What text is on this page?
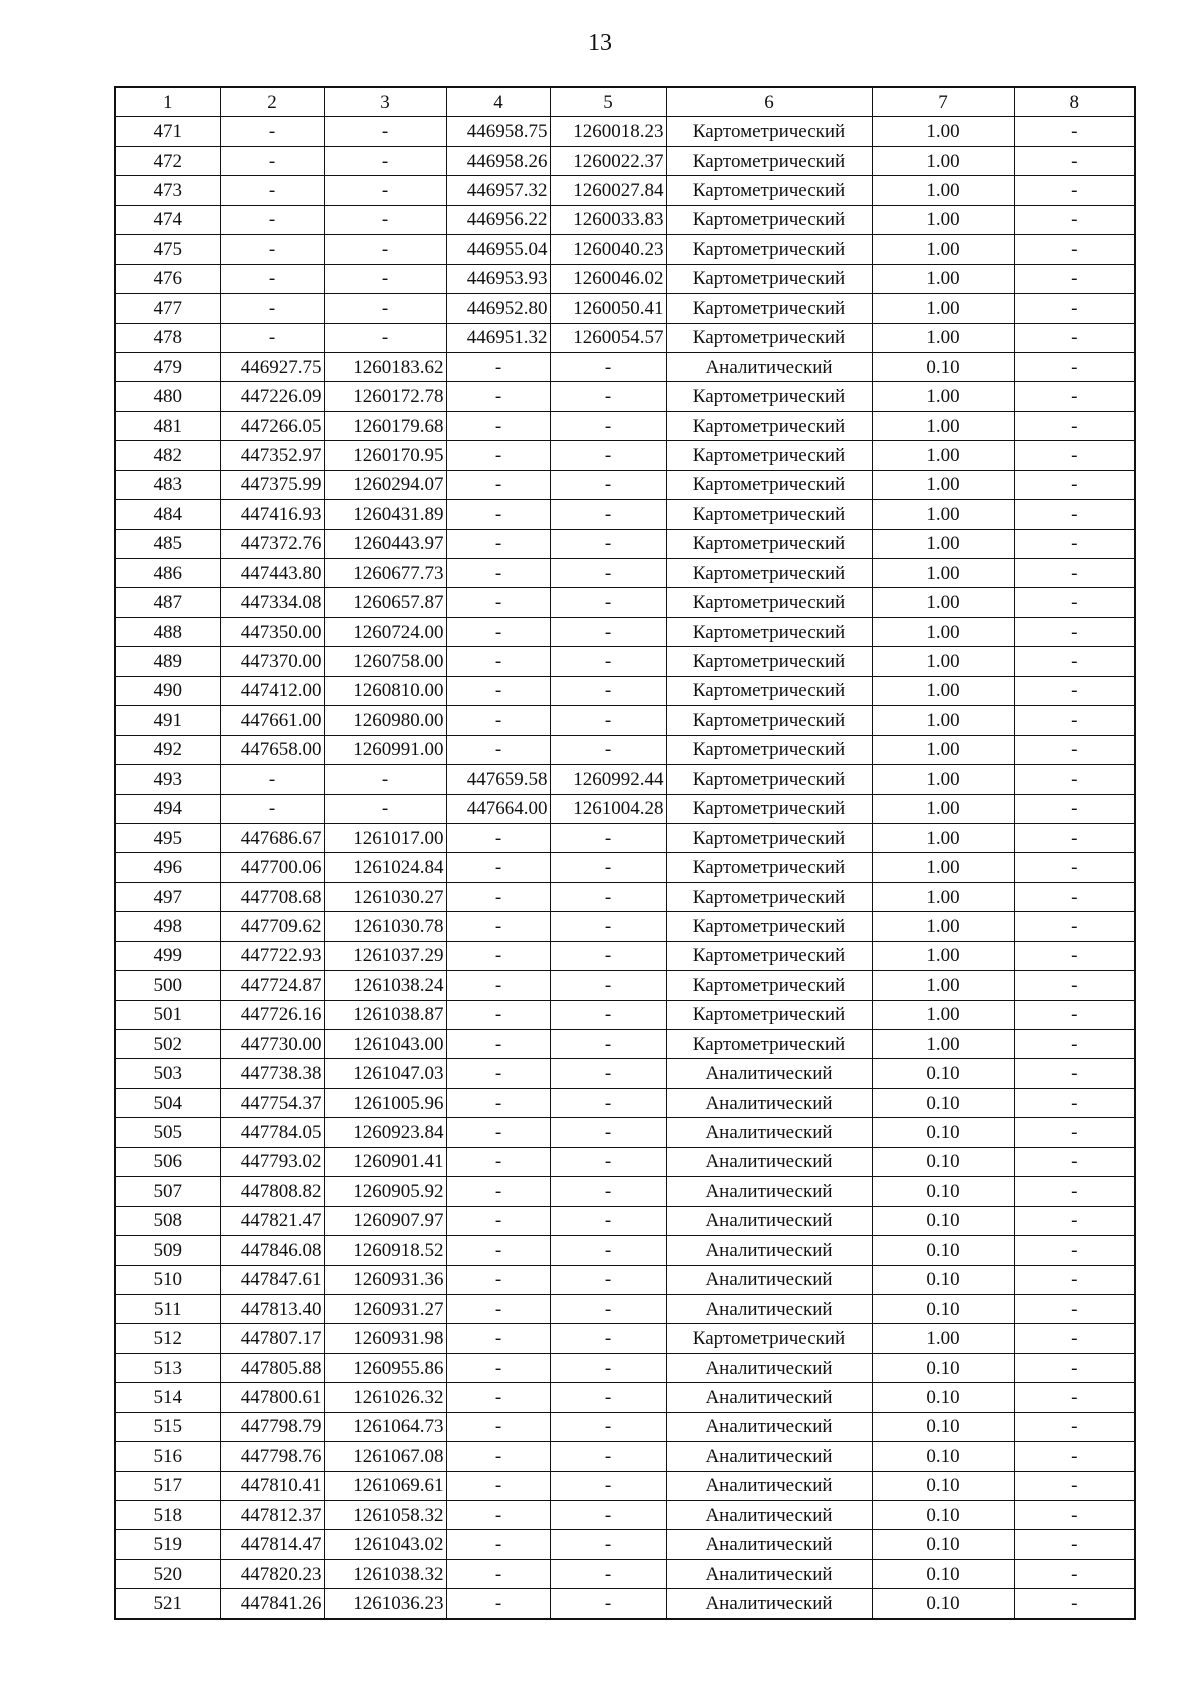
13
1	2	3	4	5	6	7	8
471	-	-	446958.75	1260018.23	Картометрический	1.00	-
472	-	-	446958.26	1260022.37	Картометрический	1.00	-
473	-	-	446957.32	1260027.84	Картометрический	1.00	-
474	-	-	446956.22	1260033.83	Картометрический	1.00	-
475	-	-	446955.04	1260040.23	Картометрический	1.00	-
476	-	-	446953.93	1260046.02	Картометрический	1.00	-
477	-	-	446952.80	1260050.41	Картометрический	1.00	-
478	-	-	446951.32	1260054.57	Картометрический	1.00	-
479	446927.75	1260183.62	-	-	Аналитический	0.10	-
480	447226.09	1260172.78	-	-	Картометрический	1.00	-
481	447266.05	1260179.68	-	-	Картометрический	1.00	-
482	447352.97	1260170.95	-	-	Картометрический	1.00	-
483	447375.99	1260294.07	-	-	Картометрический	1.00	-
484	447416.93	1260431.89	-	-	Картометрический	1.00	-
485	447372.76	1260443.97	-	-	Картометрический	1.00	-
486	447443.80	1260677.73	-	-	Картометрический	1.00	-
487	447334.08	1260657.87	-	-	Картометрический	1.00	-
488	447350.00	1260724.00	-	-	Картометрический	1.00	-
489	447370.00	1260758.00	-	-	Картометрический	1.00	-
490	447412.00	1260810.00	-	-	Картометрический	1.00	-
491	447661.00	1260980.00	-	-	Картометрический	1.00	-
492	447658.00	1260991.00	-	-	Картометрический	1.00	-
493	-	-	447659.58	1260992.44	Картометрический	1.00	-
494	-	-	447664.00	1261004.28	Картометрический	1.00	-
495	447686.67	1261017.00	-	-	Картометрический	1.00	-
496	447700.06	1261024.84	-	-	Картометрический	1.00	-
497	447708.68	1261030.27	-	-	Картометрический	1.00	-
498	447709.62	1261030.78	-	-	Картометрический	1.00	-
499	447722.93	1261037.29	-	-	Картометрический	1.00	-
500	447724.87	1261038.24	-	-	Картометрический	1.00	-
501	447726.16	1261038.87	-	-	Картометрический	1.00	-
502	447730.00	1261043.00	-	-	Картометрический	1.00	-
503	447738.38	1261047.03	-	-	Аналитический	0.10	-
504	447754.37	1261005.96	-	-	Аналитический	0.10	-
505	447784.05	1260923.84	-	-	Аналитический	0.10	-
506	447793.02	1260901.41	-	-	Аналитический	0.10	-
507	447808.82	1260905.92	-	-	Аналитический	0.10	-
508	447821.47	1260907.97	-	-	Аналитический	0.10	-
509	447846.08	1260918.52	-	-	Аналитический	0.10	-
510	447847.61	1260931.36	-	-	Аналитический	0.10	-
511	447813.40	1260931.27	-	-	Аналитический	0.10	-
512	447807.17	1260931.98	-	-	Картометрический	1.00	-
513	447805.88	1260955.86	-	-	Аналитический	0.10	-
514	447800.61	1261026.32	-	-	Аналитический	0.10	-
515	447798.79	1261064.73	-	-	Аналитический	0.10	-
516	447798.76	1261067.08	-	-	Аналитический	0.10	-
517	447810.41	1261069.61	-	-	Аналитический	0.10	-
518	447812.37	1261058.32	-	-	Аналитический	0.10	-
519	447814.47	1261043.02	-	-	Аналитический	0.10	-
520	447820.23	1261038.32	-	-	Аналитический	0.10	-
521	447841.26	1261036.23	-	-	Аналитический	0.10	-
